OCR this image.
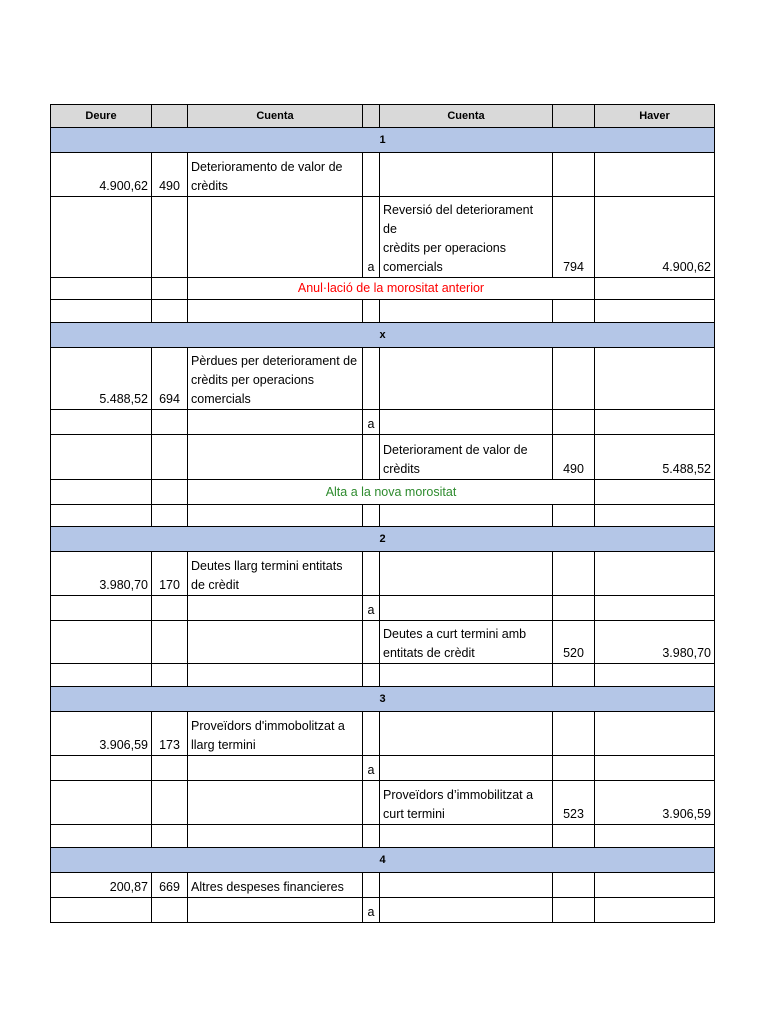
Deure		Cuenta		Cuenta		Haver
1						
4.900,62	490	Deterioramento de valor de
crèdits				
			a	Reversió del deteriorament
de
crèdits per operacions
comercials	794	4.900,62
		Anul·lació de la morositat anterior				

x						
5.488,52	694	Pèrdues per deteriorament de
crèdits per operacions
comercials				
			a			
				Deteriorament de valor de
crèdits	490	5.488,52
		Alta a la nova morositat				

2						
3.980,70	170	Deutes llarg termini entitats
de crèdit				
			a			
				Deutes a curt termini amb
entitats de crèdit	520	3.980,70

3						
3.906,59	173	Proveïdors d'immobolitzat a
llarg termini				
			a			
				Proveïdors d’immobilitzat a
curt termini	523	3.906,59

4						
200,87	669	Altres despeses financieres				
			a			
